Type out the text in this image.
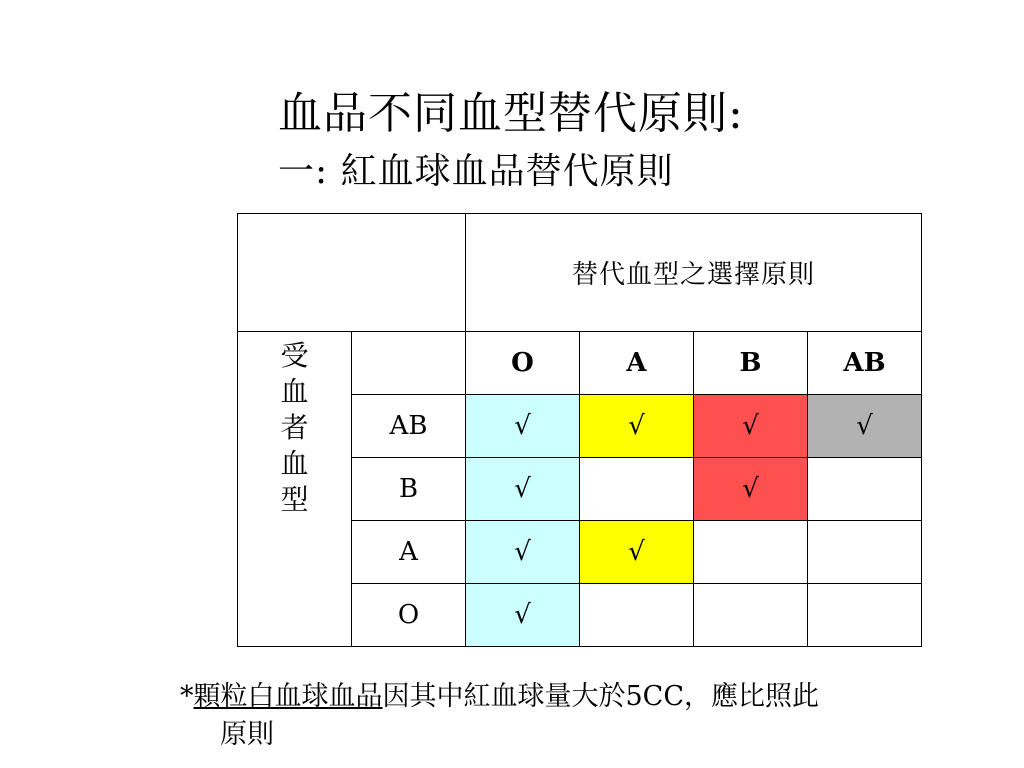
血品不同血型替代原則:
一: 紅血球血品替代原則
		替代血型之選擇原則			
受血者血型		O	A	B	AB
	AB	√	√	√	√
	B	√		√	
	A	√	√		
	O	√			
*顆粒白血球血品因其中紅血球量大於5CC，應比照此
原則
